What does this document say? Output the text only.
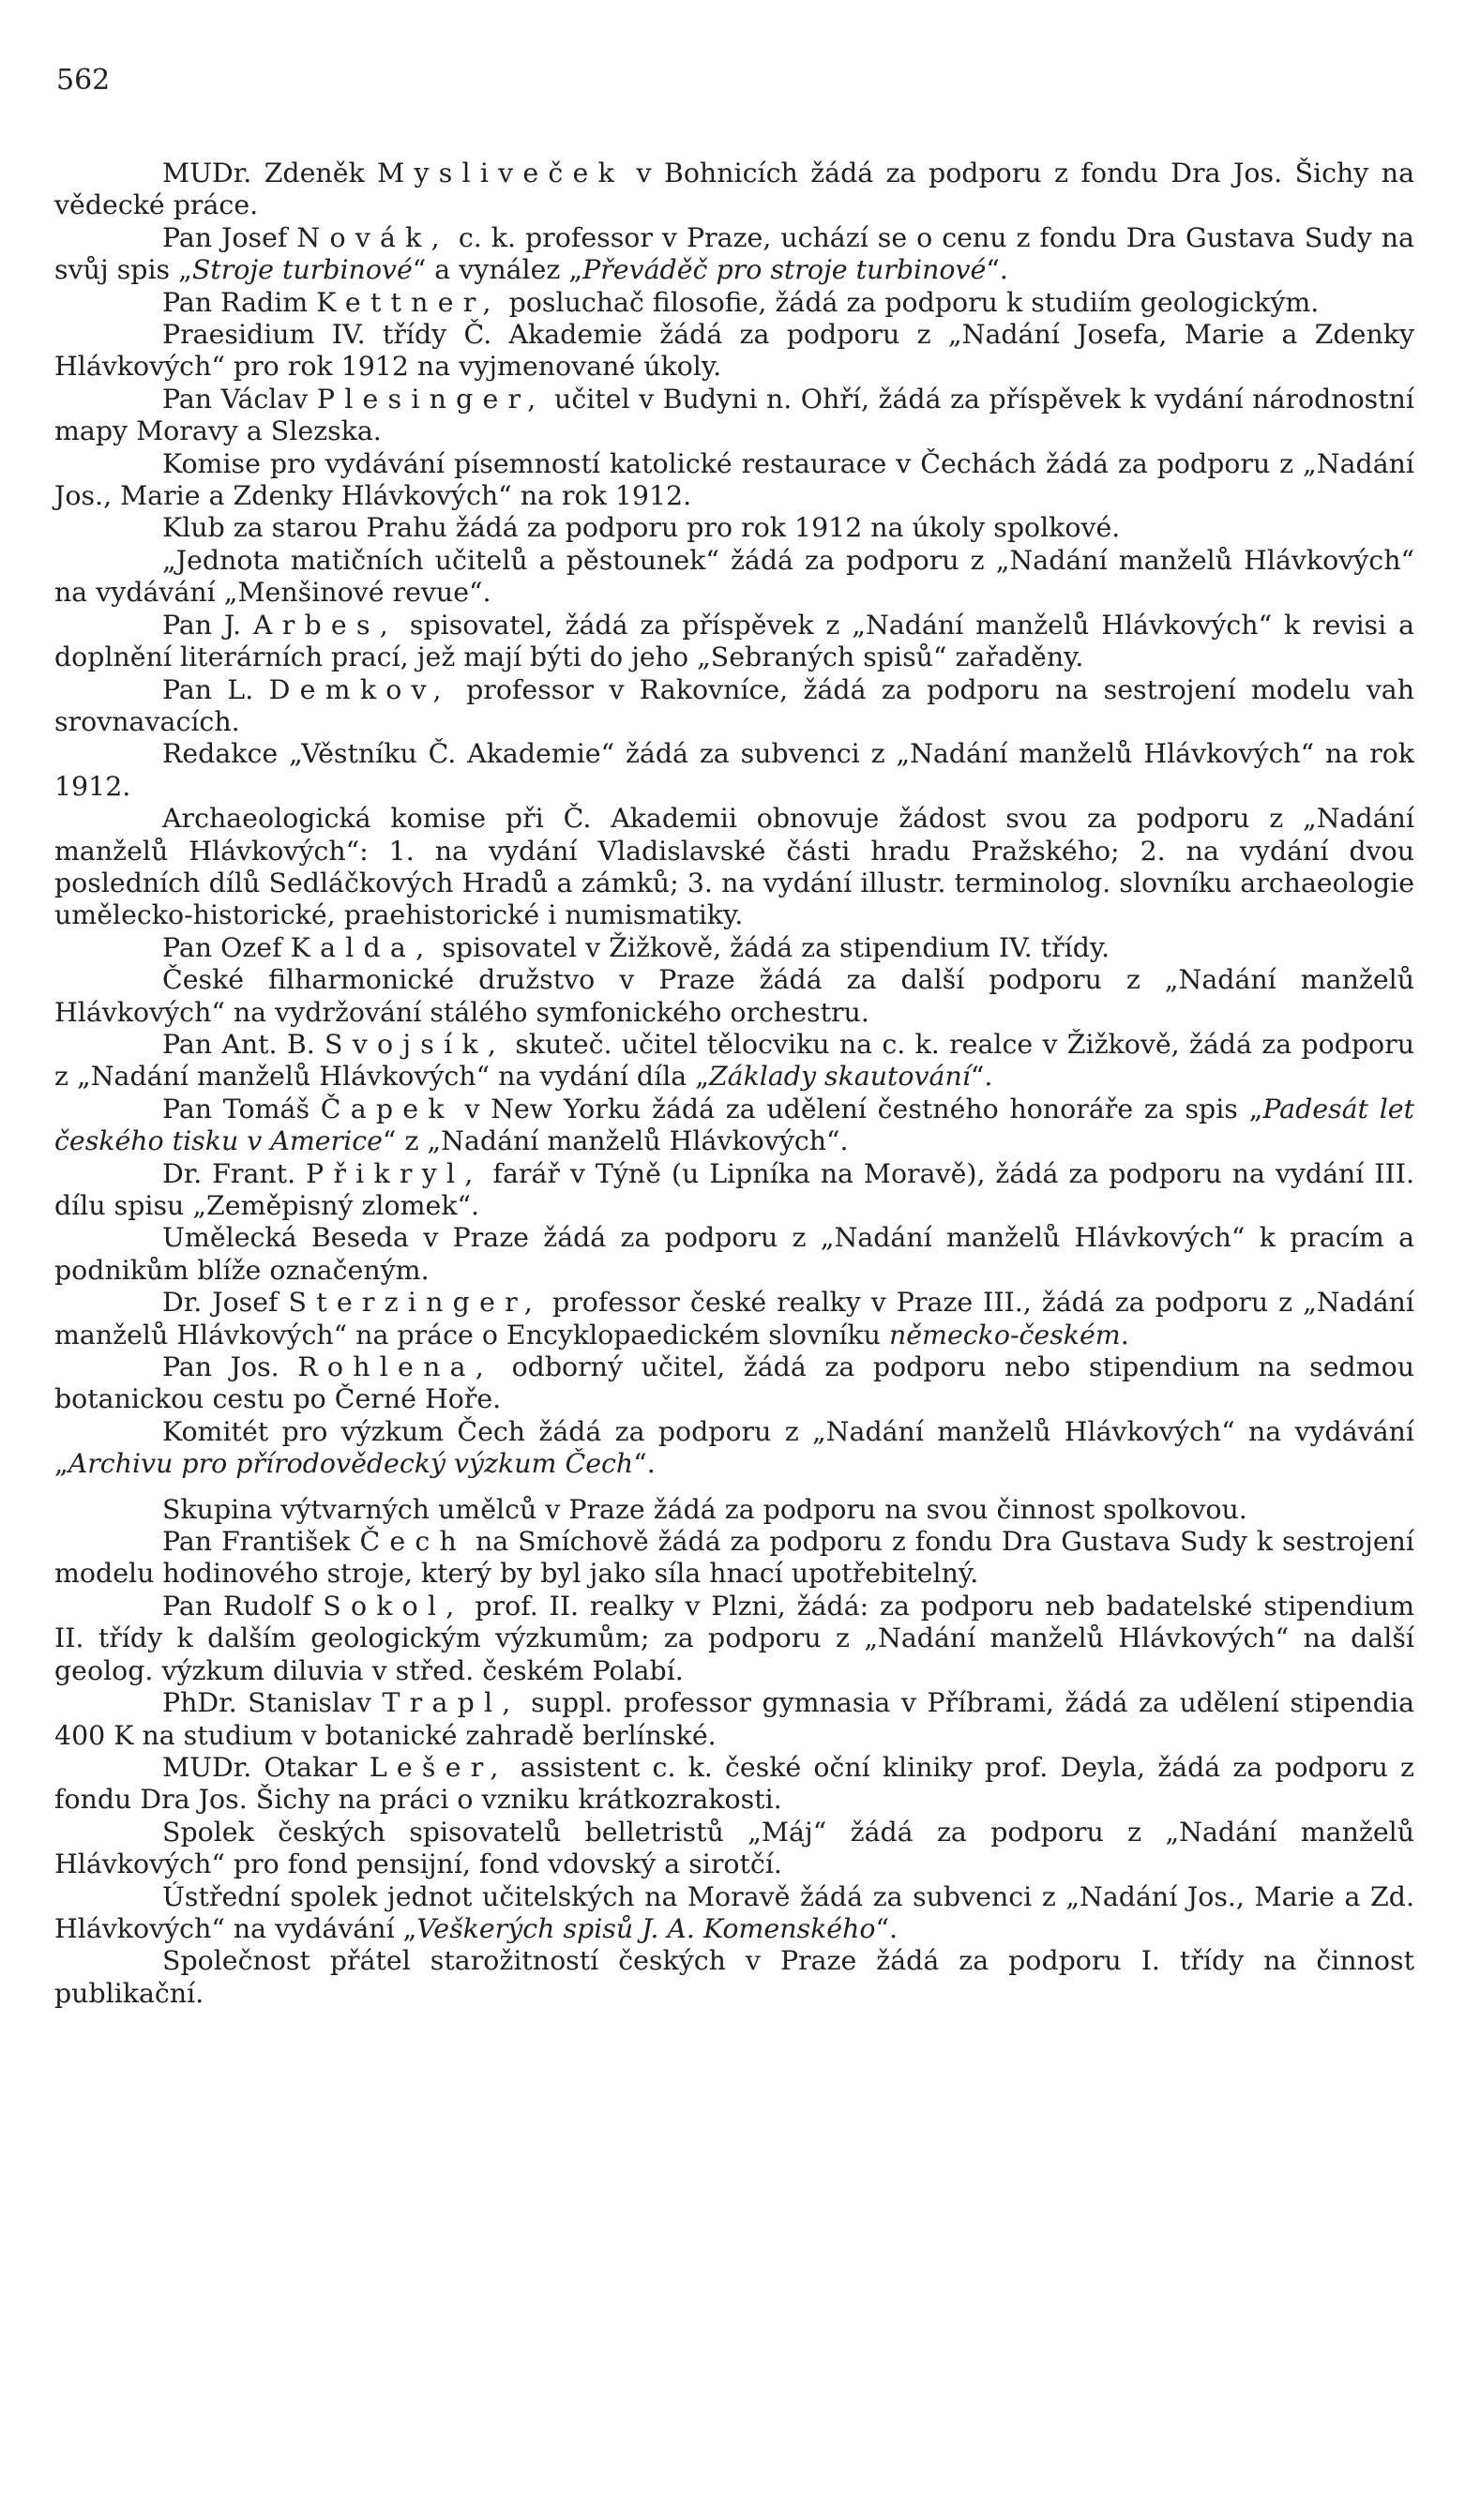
562

MUDr. Zdeněk Mysliveček v Bohnicích žádá za podporu z fondu Dra Jos. Šichy na vědecké práce.

Pan Josef Novák, c. k. professor v Praze, uchází se o cenu z fondu Dra Gustava Sudy na svůj spis „Stroje turbinové“ a vynález „Převáděč pro stroje turbinové“.

Pan Radim Kettner, posluchač filosofie, žádá za podporu k studiím geologickým.

Praesidium IV. třídy Č. Akademie žádá za podporu z „Nadání Josefa, Marie a Zdenky Hlávkových“ pro rok 1912 na vyjmenované úkoly.

Pan Václav Plesinger, učitel v Budyni n. Ohří, žádá za příspěvek k vydání národnostní mapy Moravy a Slezska.

Komise pro vydávání písemností katolické restaurace v Čechách žádá za podporu z „Nadání Jos., Marie a Zdenky Hlávkových“ na rok 1912.

Klub za starou Prahu žádá za podporu pro rok 1912 na úkoly spolkové.

„Jednota matičních učitelů a pěstounek“ žádá za podporu z „Nadání manželů Hlávkových“ na vydávání „Menšinové revue“.

Pan J. Arbes, spisovatel, žádá za příspěvek z „Nadání manželů Hlávkových“ k revisi a doplnění literárních prací, jež mají býti do jeho „Sebraných spisů“ zařaděny.

Pan L. Demkov, professor v Rakovníce, žádá za podporu na sestrojení modelu vah srovnavacích.

Redakce „Věstníku Č. Akademie“ žádá za subvenci z „Nadání manželů Hlávkových“ na rok 1912.

Archaeologická komise při Č. Akademii obnovuje žádost svou za podporu z „Nadání manželů Hlávkových“: 1. na vydání Vladislavské části hradu Pražského; 2. na vydání dvou posledních dílů Sedláčkových Hradů a zámků; 3. na vydání illustr. terminolog. slovníku archaeologie umělecko-historické, praehistorické i numismatiky.

Pan Ozef Kalda, spisovatel v Žižkově, žádá za stipendium IV. třídy.

České filharmonické družstvo v Praze žádá za další podporu z „Nadání manželů Hlávkových“ na vydržování stálého symfonického orchestru.

Pan Ant. B. Svojsík, skuteč. učitel tělocviku na c. k. realce v Žižkově, žádá za podporu z „Nadání manželů Hlávkových“ na vydání díla „Základy skautování“.

Pan Tomáš Čapek v New Yorku žádá za udělení čestného honoráře za spis „Padesát let českého tisku v Americe“ z „Nadání manželů Hlávkových“.

Dr. Frant. Přikryl, farář v Týně (u Lipníka na Moravě), žádá za podporu na vydání III. dílu spisu „Zeměpisný zlomek“.

Umělecká Beseda v Praze žádá za podporu z „Nadání manželů Hlávkových“ k pracím a podnikům blíže označeným.

Dr. Josef Sterzinger, professor české realky v Praze III., žádá za podporu z „Nadání manželů Hlávkových“ na práce o Encyklopaedickém slovníku německo-českém.

Pan Jos. Rohlena, odborný učitel, žádá za podporu nebo stipendium na sedmou botanickou cestu po Černé Hoře.

Komitét pro výzkum Čech žádá za podporu z „Nadání manželů Hlávkových“ na vydávání „Archivu pro přírodovědecký výzkum Čech“.

Skupina výtvarných umělců v Praze žádá za podporu na svou činnost spolkovou.

Pan František Čech na Smíchově žádá za podporu z fondu Dra Gustava Sudy k sestrojení modelu hodinového stroje, který by byl jako síla hnací upotřebitelný.

Pan Rudolf Sokol, prof. II. realky v Plzni, žádá: za podporu neb badatelské stipendium II. třídy k dalším geologickým výzkumům; za podporu z „Nadání manželů Hlávkových“ na další geolog. výzkum diluvia v střed. českém Polabí.

PhDr. Stanislav Trapl, suppl. professor gymnasia v Příbrami, žádá za udělení stipendia 400 K na studium v botanické zahradě berlínské.

MUDr. Otakar Lešer, assistent c. k. české oční kliniky prof. Deyla, žádá za podporu z fondu Dra Jos. Šichy na práci o vzniku krátkozrakosti.

Spolek českých spisovatelů belletristů „Máj“ žádá za podporu z „Nadání manželů Hlávkových“ pro fond pensijní, fond vdovský a sirotčí.

Ústřední spolek jednot učitelských na Moravě žádá za subvenci z „Nadání Jos., Marie a Zd. Hlávkových“ na vydávání „Veškerých spisů J. A. Komenského“.

Společnost přátel starožitností českých v Praze žádá za podporu I. třídy na činnost publikační.
